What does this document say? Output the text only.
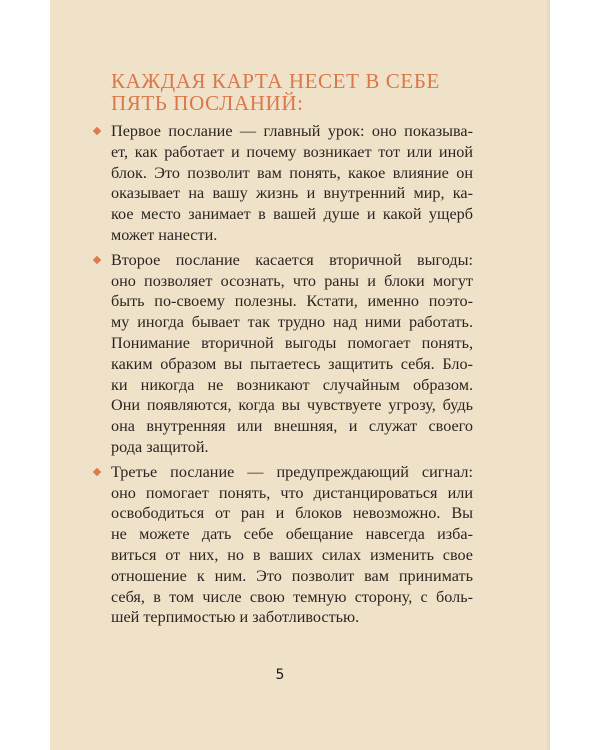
КАЖДАЯ КАРТА НЕСЕТ В СЕБЕ
ПЯТЬ ПОСЛАНИЙ:
Первое послание — главный урок: оно показыва-
ет, как работает и почему возникает тот или иной
блок. Это позволит вам понять, какое влияние он
оказывает на вашу жизнь и внутренний мир, ка-
кое место занимает в вашей душе и какой ущерб
может нанести.
Второе послание касается вторичной выгоды:
оно позволяет осознать, что раны и блоки могут
быть по-своему полезны. Кстати, именно поэто-
му иногда бывает так трудно над ними работать.
Понимание вторичной выгоды помогает понять,
каким образом вы пытаетесь защитить себя. Бло-
ки никогда не возникают случайным образом.
Они появляются, когда вы чувствуете угрозу, будь
она внутренняя или внешняя, и служат своего
рода защитой.
Третье послание — предупреждающий сигнал:
оно помогает понять, что дистанцироваться или
освободиться от ран и блоков невозможно. Вы
не можете дать себе обещание навсегда изба-
виться от них, но в ваших силах изменить свое
отношение к ним. Это позволит вам принимать
себя, в том числе свою темную сторону, с боль-
шей терпимостью и заботливостью.
5
